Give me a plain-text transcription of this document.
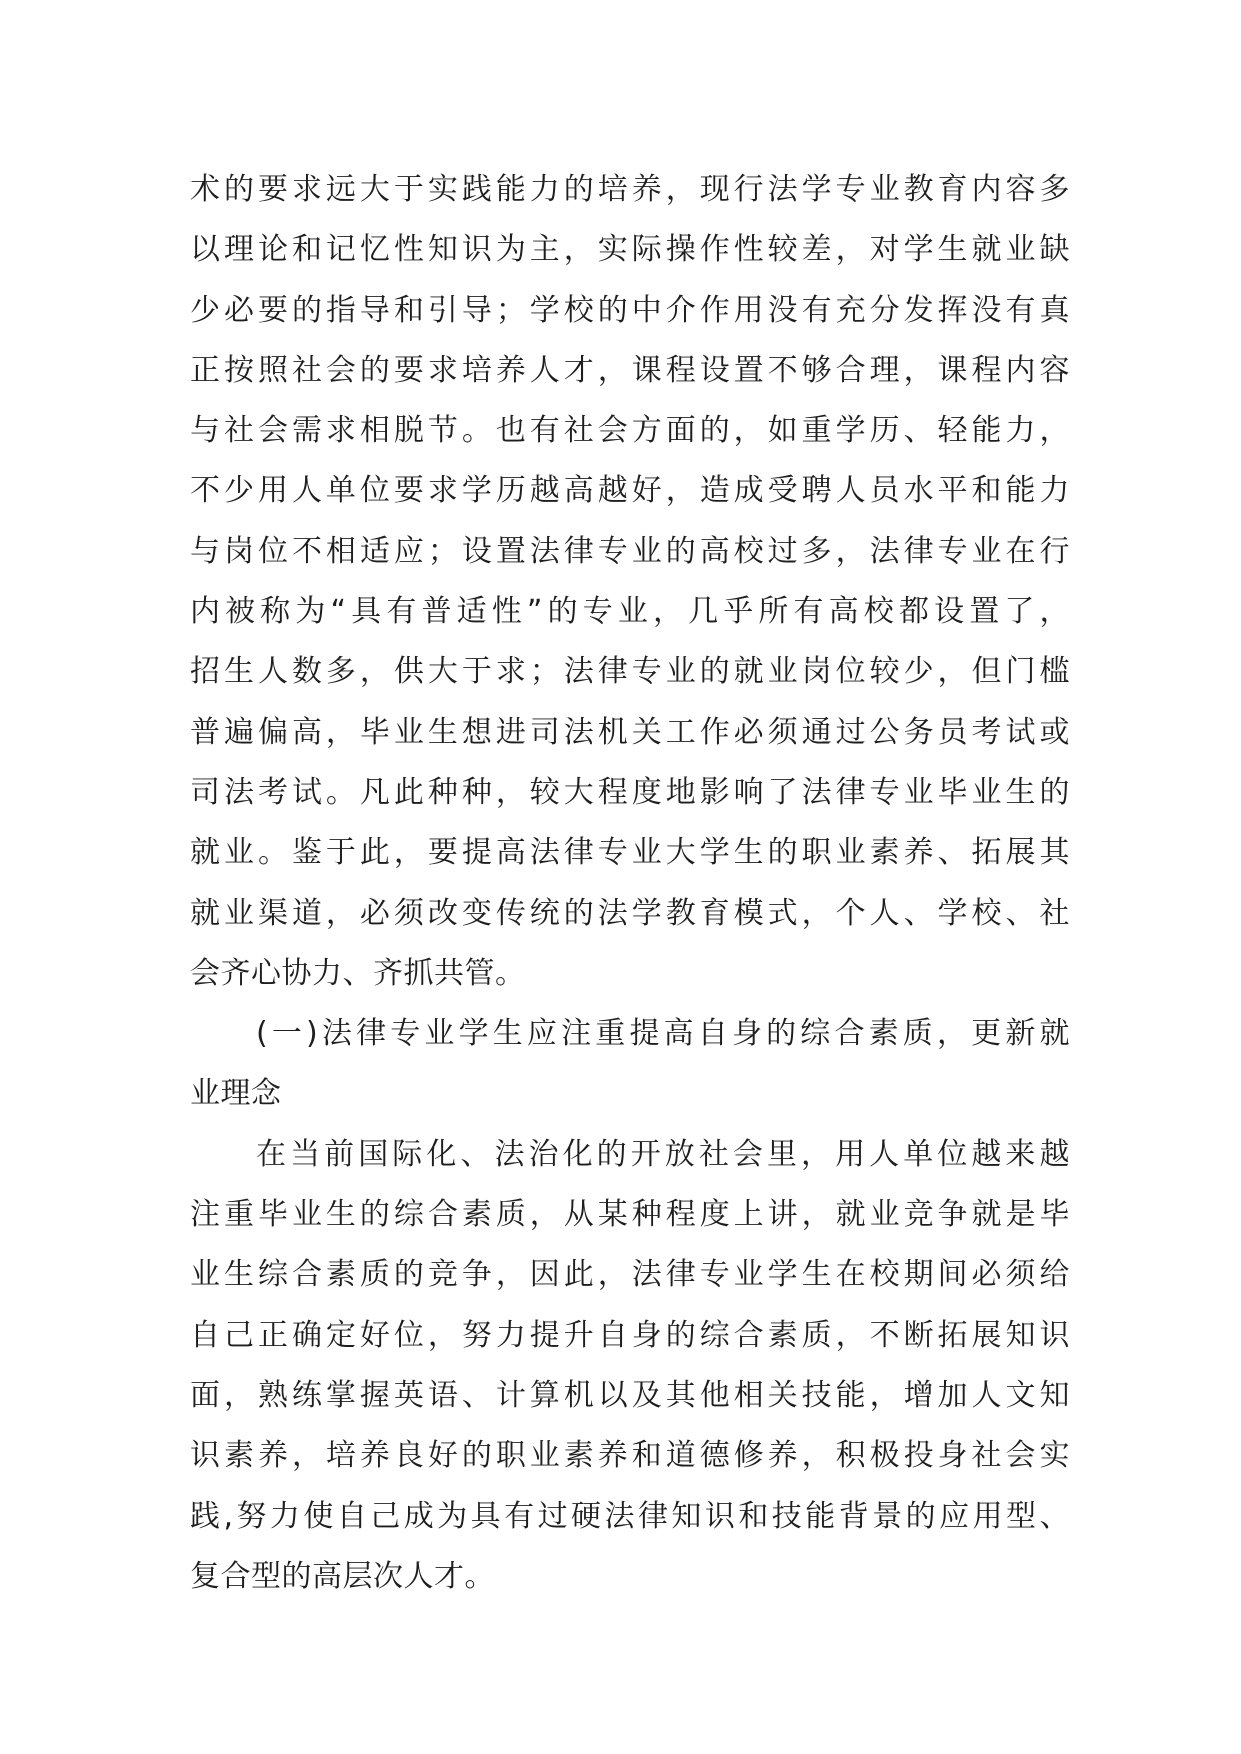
术的要求远大于实践能力的培养，现行法学专业教育内容多
以理论和记忆性知识为主，实际操作性较差，对学生就业缺
少必要的指导和引导；学校的中介作用没有充分发挥没有真
正按照社会的要求培养人才，课程设置不够合理，课程内容
与社会需求相脱节。也有社会方面的，如重学历、轻能力，
不少用人单位要求学历越高越好，造成受聘人员水平和能力
与岗位不相适应；设置法律专业的高校过多，法律专业在行
内被称为“具有普适性”的专业，几乎所有高校都设置了，
招生人数多，供大于求；法律专业的就业岗位较少，但门槛
普遍偏高，毕业生想进司法机关工作必须通过公务员考试或
司法考试。凡此种种，较大程度地影响了法律专业毕业生的
就业。鉴于此，要提高法律专业大学生的职业素养、拓展其
就业渠道，必须改变传统的法学教育模式，个人、学校、社
会齐心协力、齐抓共管。
(一)法律专业学生应注重提高自身的综合素质，更新就
业理念
在当前国际化、法治化的开放社会里，用人单位越来越
注重毕业生的综合素质，从某种程度上讲，就业竞争就是毕
业生综合素质的竞争，因此，法律专业学生在校期间必须给
自己正确定好位，努力提升自身的综合素质，不断拓展知识
面，熟练掌握英语、计算机以及其他相关技能，增加人文知
识素养，培养良好的职业素养和道德修养，积极投身社会实
践,努力使自己成为具有过硬法律知识和技能背景的应用型、
复合型的高层次人才。
